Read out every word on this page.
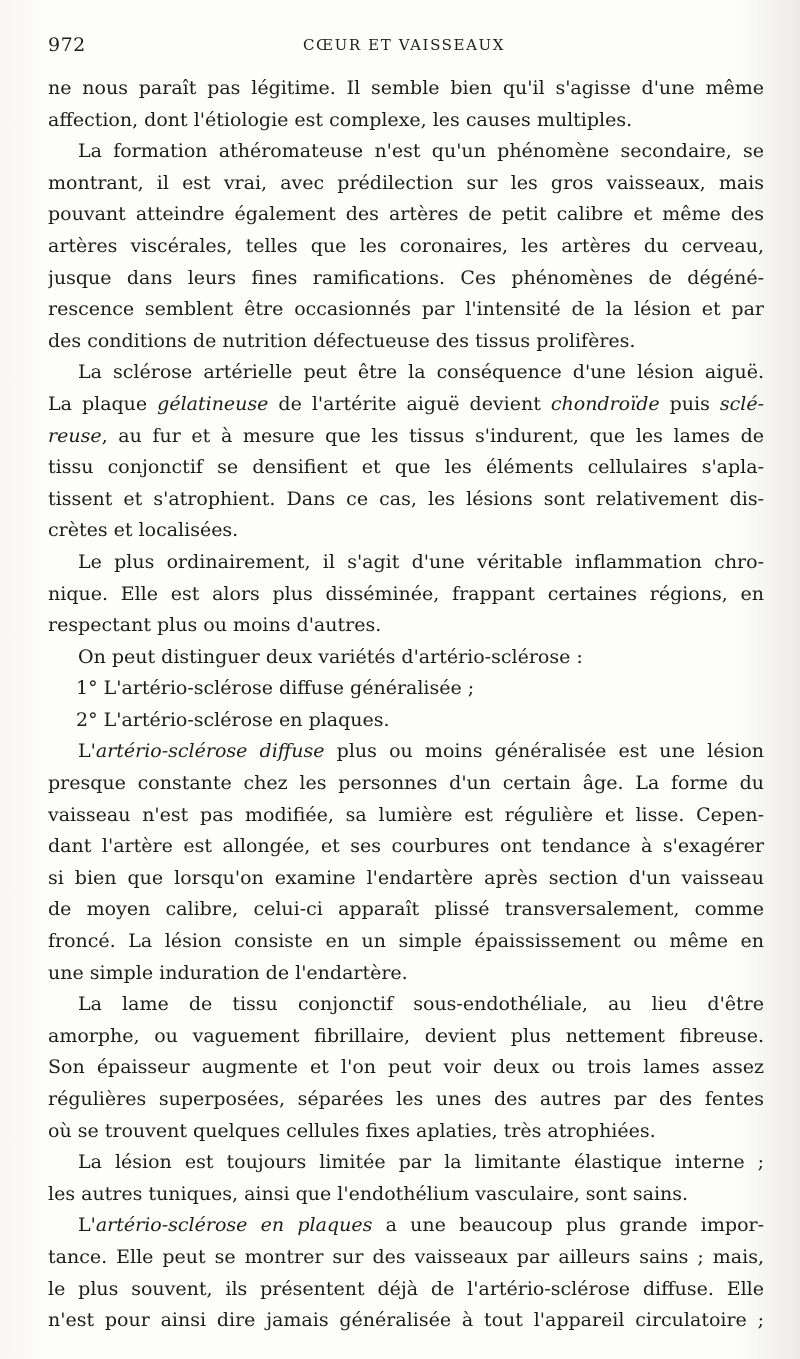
972	CŒUR ET VAISSEAUX
ne nous paraît pas légitime. Il semble bien qu'il s'agisse d'une même
affection, dont l'étiologie est complexe, les causes multiples.
La formation athéromateuse n'est qu'un phénomène secondaire, se
montrant, il est vrai, avec prédilection sur les gros vaisseaux, mais
pouvant atteindre également des artères de petit calibre et même des
artères viscérales, telles que les coronaires, les artères du cerveau,
jusque dans leurs fines ramifications. Ces phénomènes de dégéné-
rescence semblent être occasionnés par l'intensité de la lésion et par
des conditions de nutrition défectueuse des tissus prolifères.
La sclérose artérielle peut être la conséquence d'une lésion aiguë.
La plaque gélatineuse de l'artérite aiguë devient chondroïde puis sclé-
reuse, au fur et à mesure que les tissus s'indurent, que les lames de
tissu conjonctif se densifient et que les éléments cellulaires s'apla-
tissent et s'atrophient. Dans ce cas, les lésions sont relativement dis-
crètes et localisées.
Le plus ordinairement, il s'agit d'une véritable inflammation chro-
nique. Elle est alors plus disséminée, frappant certaines régions, en
respectant plus ou moins d'autres.
On peut distinguer deux variétés d'artério-sclérose :
1° L'artério-sclérose diffuse généralisée ;
2° L'artério-sclérose en plaques.
L'artério-sclérose diffuse plus ou moins généralisée est une lésion
presque constante chez les personnes d'un certain âge. La forme du
vaisseau n'est pas modifiée, sa lumière est régulière et lisse. Cepen-
dant l'artère est allongée, et ses courbures ont tendance à s'exagérer
si bien que lorsqu'on examine l'endartère après section d'un vaisseau
de moyen calibre, celui-ci apparaît plissé transversalement, comme
froncé. La lésion consiste en un simple épaississement ou même en
une simple induration de l'endartère.
La lame de tissu conjonctif sous-endothéliale, au lieu d'être
amorphe, ou vaguement fibrillaire, devient plus nettement fibreuse.
Son épaisseur augmente et l'on peut voir deux ou trois lames assez
régulières superposées, séparées les unes des autres par des fentes
où se trouvent quelques cellules fixes aplaties, très atrophiées.
La lésion est toujours limitée par la limitante élastique interne ;
les autres tuniques, ainsi que l'endothélium vasculaire, sont sains.
L'artério-sclérose en plaques a une beaucoup plus grande impor-
tance. Elle peut se montrer sur des vaisseaux par ailleurs sains ; mais,
le plus souvent, ils présentent déjà de l'artério-sclérose diffuse. Elle
n'est pour ainsi dire jamais généralisée à tout l'appareil circulatoire ;
